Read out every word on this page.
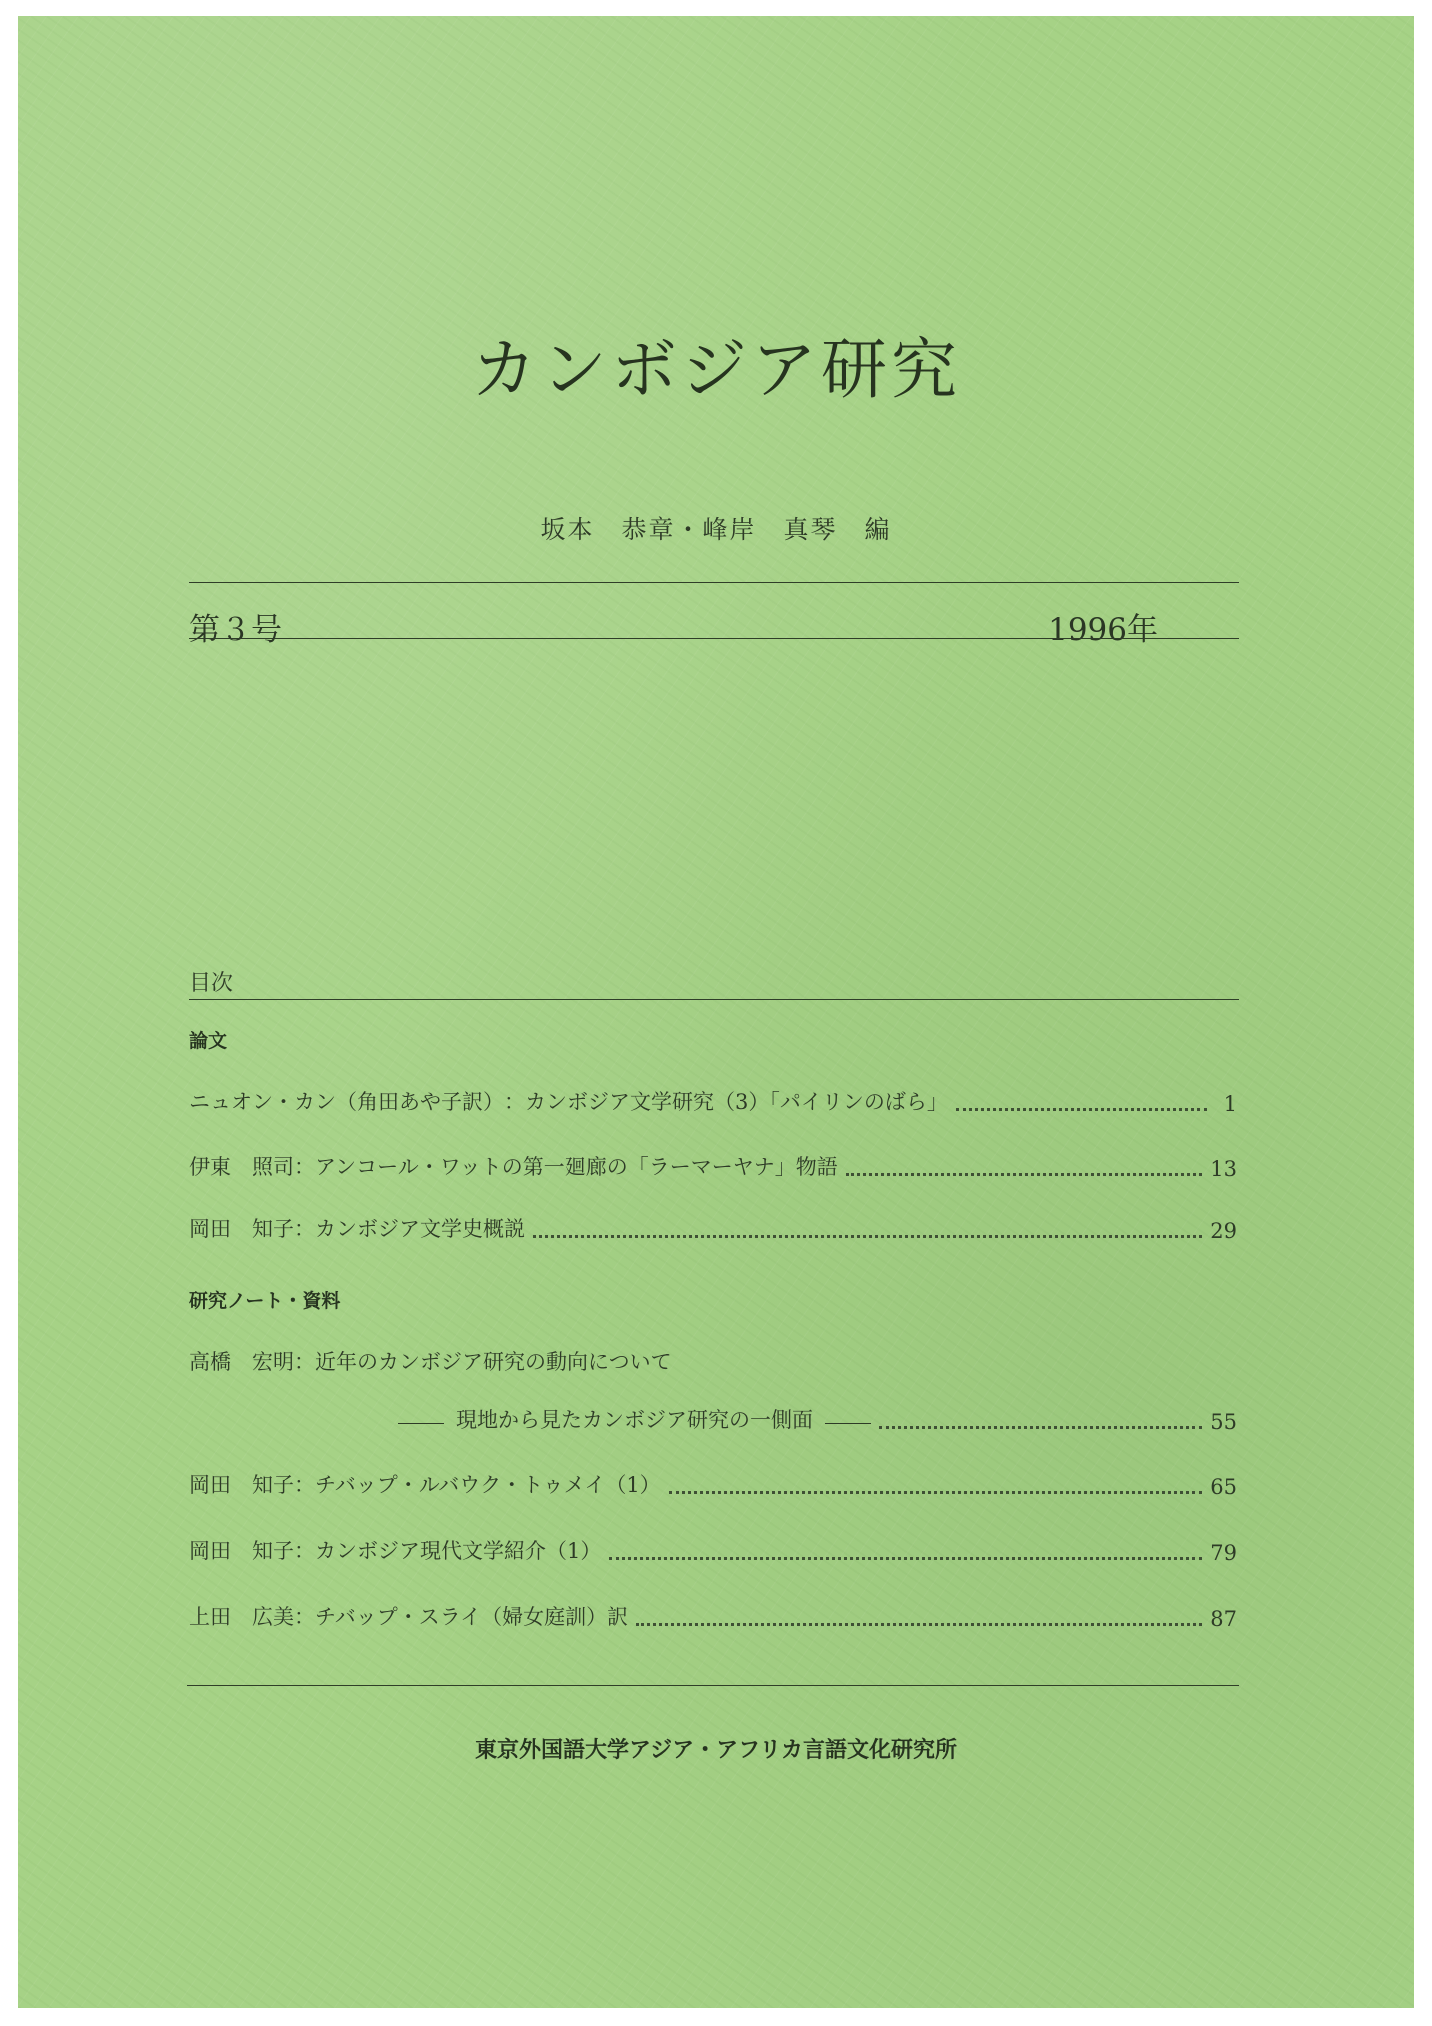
カンボジア研究
坂本　恭章・峰岸　真琴　編
第３号	1996年
目次
論文
ニュオン・カン（角田あや子訳） ：カンボジア文学研究（3）「パイリンのばら」	1
伊東　照司 ：アンコール・ワットの第一廻廊の「ラーマーヤナ」物語	13
岡田　知子 ：カンボジア文学史概説	29
研究ノート・資料
高橋　宏明 ：近年のカンボジア研究の動向について
現地から見たカンボジア研究の一側面	55
岡田　知子 ：チバップ・ルバウク・トゥメイ（1）	65
岡田　知子 ：カンボジア現代文学紹介（1）	79
上田　広美 ：チバップ・スライ（婦女庭訓）訳	87
東京外国語大学アジア・アフリカ言語文化研究所
